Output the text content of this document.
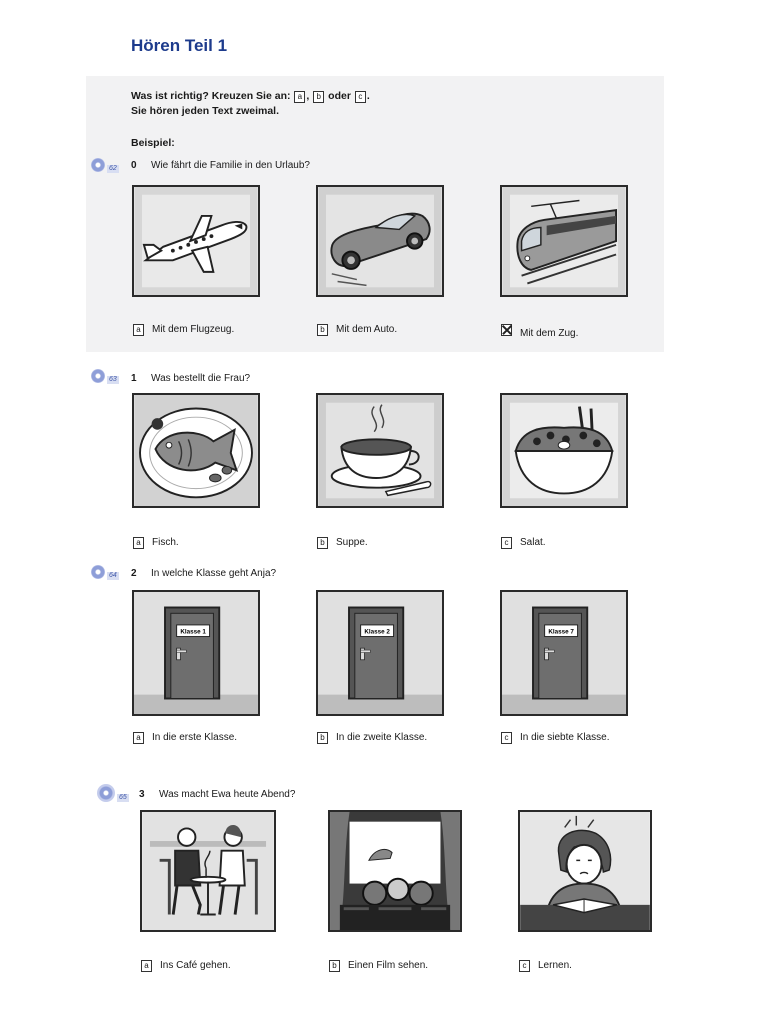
Hören Teil 1
Was ist richtig? Kreuzen Sie an: a , b oder c .
Sie hören jeden Text zweimal.
Beispiel:
62 0 Wie fährt die Familie in den Urlaub?
a Mit dem Flugzeug.	b Mit dem Auto.	Mit dem Zug.
63 1 Was bestellt die Frau?
a Fisch.	b Suppe.	c Salat.
64 2 In welche Klasse geht Anja?
Klasse 1	Klasse 2	Klasse 7
a In die erste Klasse.	b In die zweite Klasse.	c In die siebte Klasse.
65 3 Was macht Ewa heute Abend?
a Ins Café gehen.	b Einen Film sehen.	c Lernen.
